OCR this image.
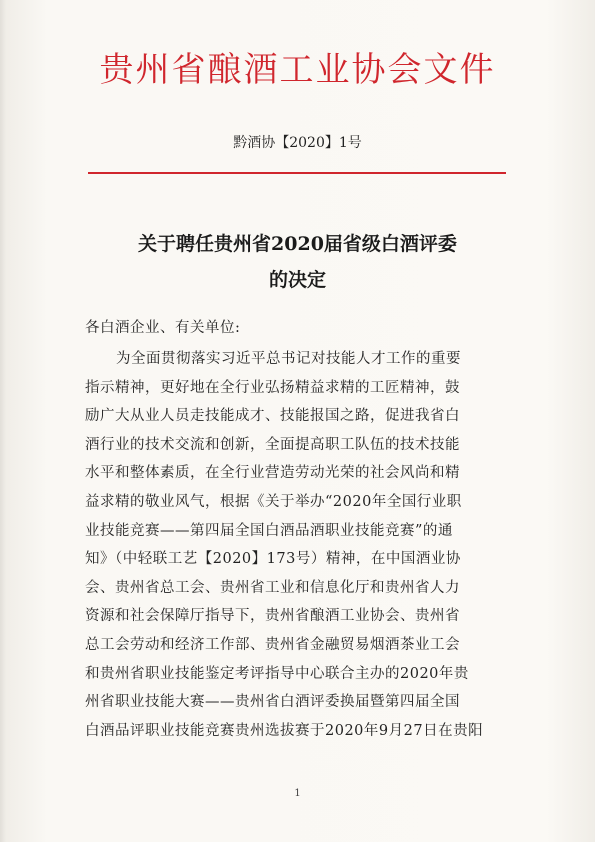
贵州省酿酒工业协会文件
黔酒协【2020】1号
关于聘任贵州省2020届省级白酒评委
的决定
各白酒企业、有关单位:
为全面贯彻落实习近平总书记对技能人才工作的重要
指示精神，更好地在全行业弘扬精益求精的工匠精神，鼓
励广大从业人员走技能成才、技能报国之路，促进我省白
酒行业的技术交流和创新，全面提高职工队伍的技术技能
水平和整体素质，在全行业营造劳动光荣的社会风尚和精
益求精的敬业风气，根据《关于举办“2020年全国行业职
业技能竞赛——第四届全国白酒品酒职业技能竞赛”的通
知》（中轻联工艺【2020】173号）精神，在中国酒业协
会、贵州省总工会、贵州省工业和信息化厅和贵州省人力
资源和社会保障厅指导下，贵州省酿酒工业协会、贵州省
总工会劳动和经济工作部、贵州省金融贸易烟酒茶业工会
和贵州省职业技能鉴定考评指导中心联合主办的2020年贵
州省职业技能大赛——贵州省白酒评委换届暨第四届全国
白酒品评职业技能竞赛贵州选拔赛于2020年9月27日在贵阳
1
